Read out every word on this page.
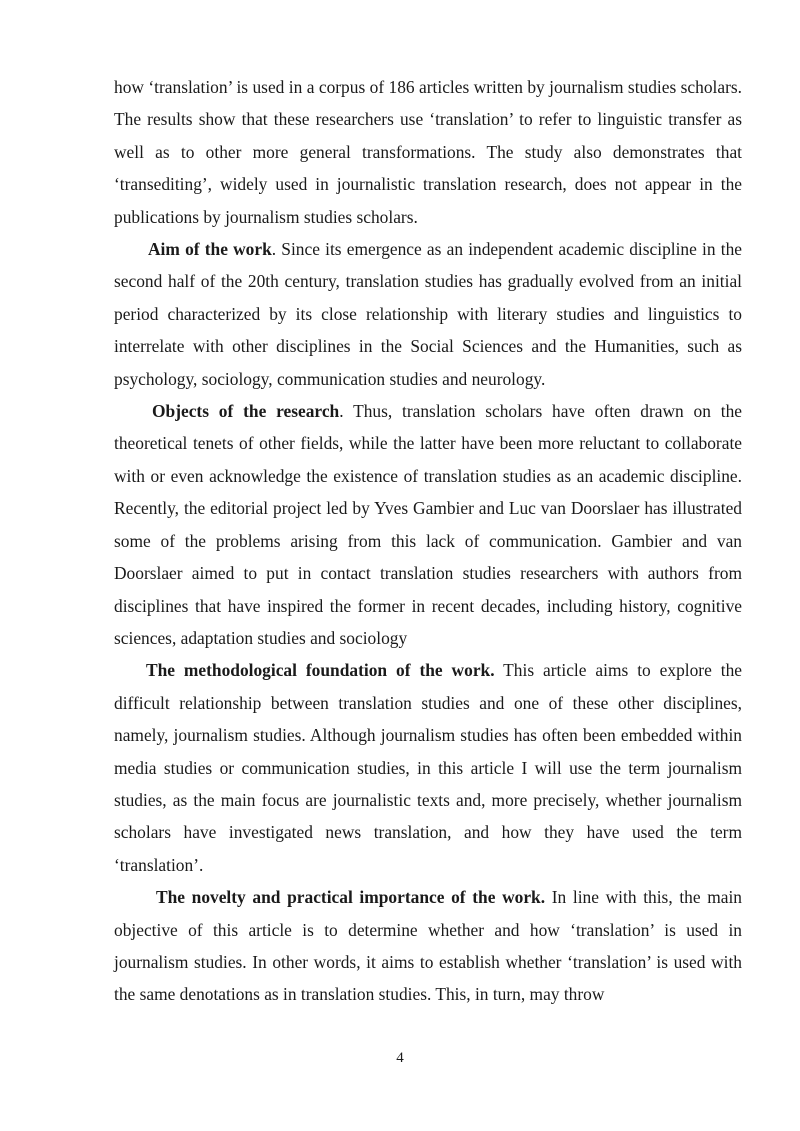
how ‘translation’ is used in a corpus of 186 articles written by journalism studies scholars. The results show that these researchers use ‘translation’ to refer to linguistic transfer as well as to other more general transformations. The study also demonstrates that ‘transediting’, widely used in journalistic translation research, does not appear in the publications by journalism studies scholars.

Aim of the work. Since its emergence as an independent academic discipline in the second half of the 20th century, translation studies has gradually evolved from an initial period characterized by its close relationship with literary studies and linguistics to interrelate with other disciplines in the Social Sciences and the Humanities, such as psychology, sociology, communication studies and neurology.

Objects of the research. Thus, translation scholars have often drawn on the theoretical tenets of other fields, while the latter have been more reluctant to collaborate with or even acknowledge the existence of translation studies as an academic discipline. Recently, the editorial project led by Yves Gambier and Luc van Doorslaer has illustrated some of the problems arising from this lack of communication. Gambier and van Doorslaer aimed to put in contact translation studies researchers with authors from disciplines that have inspired the former in recent decades, including history, cognitive sciences, adaptation studies and sociology

The methodological foundation of the work. This article aims to explore the difficult relationship between translation studies and one of these other disciplines, namely, journalism studies. Although journalism studies has often been embedded within media studies or communication studies, in this article I will use the term journalism studies, as the main focus are journalistic texts and, more precisely, whether journalism scholars have investigated news translation, and how they have used the term ‘translation’.

The novelty and practical importance of the work. In line with this, the main objective of this article is to determine whether and how ‘translation’ is used in journalism studies. In other words, it aims to establish whether ‘translation’ is used with the same denotations as in translation studies. This, in turn, may throw

4
